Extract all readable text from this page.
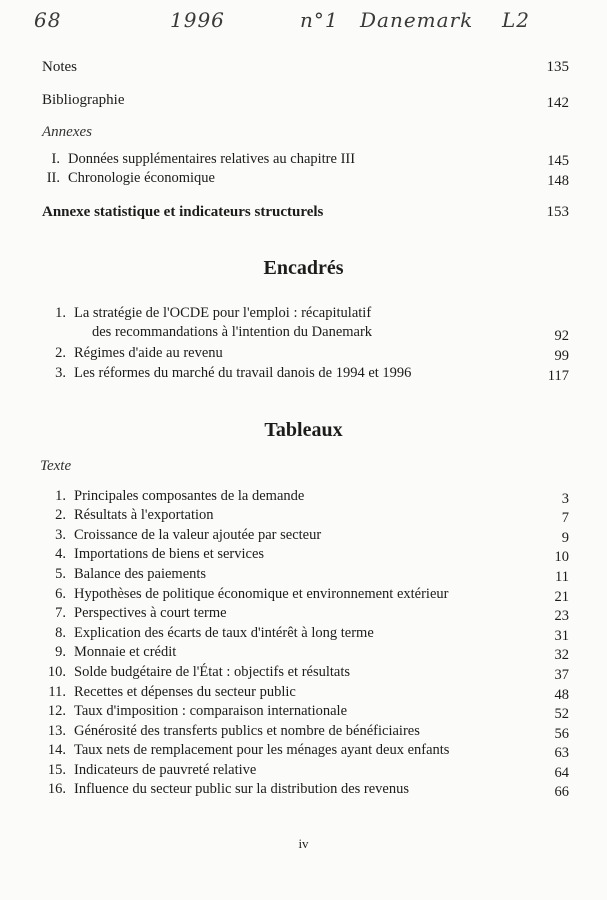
68	1996	n°1 Danemark L2
Notes	135
Bibliographie	142
Annexes
I. Données supplémentaires relatives au chapitre III	145
II. Chronologie économique	148
Annexe statistique et indicateurs structurels	153
Encadrés
1. La stratégie de l'OCDE pour l'emploi : récapitulatif
des recommandations à l'intention du Danemark	92
2. Régimes d'aide au revenu	99
3. Les réformes du marché du travail danois de 1994 et 1996	117
Tableaux
Texte
1. Principales composantes de la demande	3
2. Résultats à l'exportation	7
3. Croissance de la valeur ajoutée par secteur	9
4. Importations de biens et services	10
5. Balance des paiements	11
6. Hypothèses de politique économique et environnement extérieur	21
7. Perspectives à court terme	23
8. Explication des écarts de taux d'intérêt à long terme	31
9. Monnaie et crédit	32
10. Solde budgétaire de l'État : objectifs et résultats	37
11. Recettes et dépenses du secteur public	48
12. Taux d'imposition : comparaison internationale	52
13. Générosité des transferts publics et nombre de bénéficiaires	56
14. Taux nets de remplacement pour les ménages ayant deux enfants	63
15. Indicateurs de pauvreté relative	64
16. Influence du secteur public sur la distribution des revenus	66
iv
